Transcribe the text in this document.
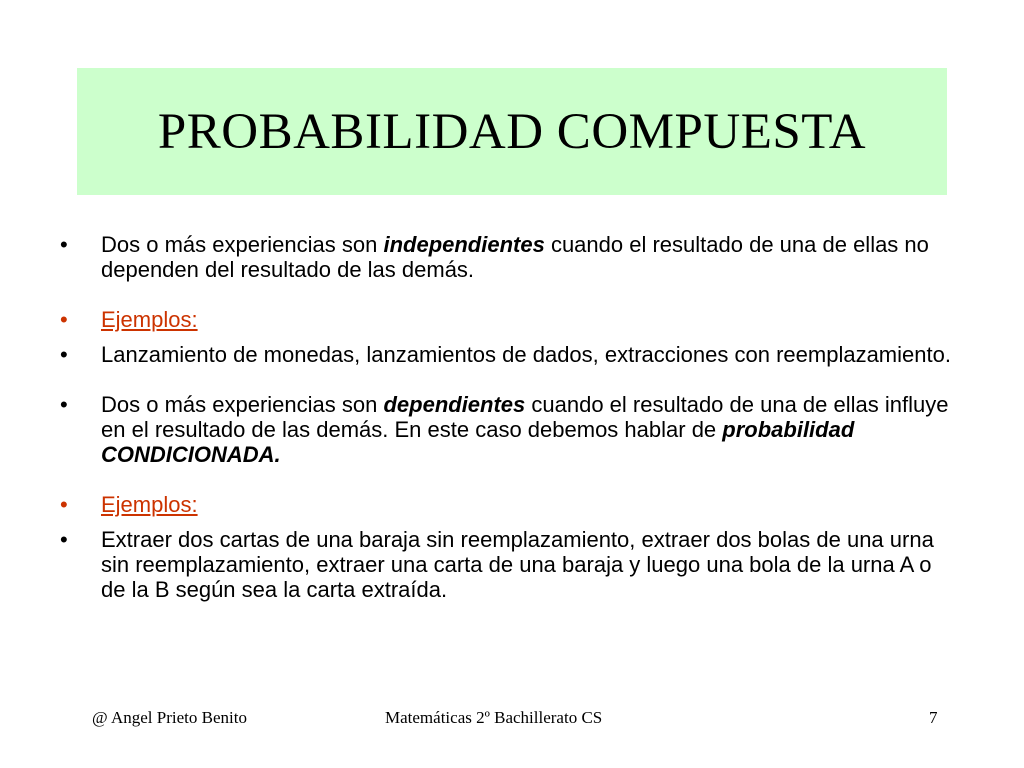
PROBABILIDAD COMPUESTA
• Dos o más experiencias son independientes cuando el resultado de una de ellas no dependen del resultado de las demás.
• Ejemplos:
• Lanzamiento de monedas, lanzamientos de dados, extracciones con reemplazamiento.
• Dos o más experiencias son dependientes cuando el resultado de una de ellas influye en el resultado de las demás. En este caso debemos hablar de probabilidad CONDICIONADA.
• Ejemplos:
• Extraer dos cartas de una baraja sin reemplazamiento, extraer dos bolas de una urna sin reemplazamiento, extraer una carta de una baraja y luego una bola de la urna A o de la B según sea la carta extraída.
@ Angel Prieto Benito	Matemáticas 2º Bachillerato CS	7
